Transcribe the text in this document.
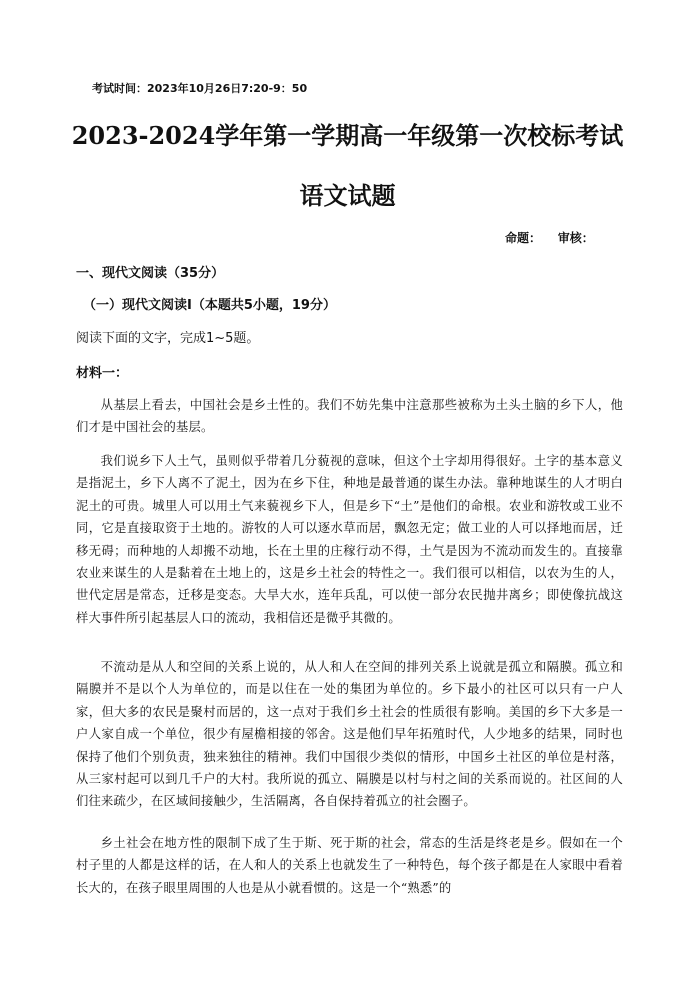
考试时间：2023年10月26日7:20-9：50
2023-2024学年第一学期高一年级第一次校标考试
语文试题
命题：    审核：
一、现代文阅读（35分）
（一）现代文阅读I（本题共5小题，19分）
阅读下面的文字，完成1~5题。
材料一：

从基层上看去，中国社会是乡土性的。我们不妨先集中注意那些被称为土头土脑的乡下人，他们才是中国社会的基层。

我们说乡下人土气，虽则似乎带着几分藐视的意味，但这个土字却用得很好。土字的基本意义是指泥土，乡下人离不了泥土，因为在乡下住，种地是最普通的谋生办法。靠种地谋生的人才明白泥土的可贵。城里人可以用土气来藐视乡下人，但是乡下“土”是他们的命根。农业和游牧或工业不同，它是直接取资于土地的。游牧的人可以逐水草而居，飘忽无定；做工业的人可以择地而居，迁移无碍；而种地的人却搬不动地，长在土里的庄稼行动不得，土气是因为不流动而发生的。直接靠农业来谋生的人是黏着在土地上的，这是乡土社会的特性之一。我们很可以相信，以农为生的人，世代定居是常态，迁移是变态。大旱大水，连年兵乱，可以使一部分农民抛井离乡；即使像抗战这样大事件所引起基层人口的流动，我相信还是微乎其微的。

不流动是从人和空间的关系上说的，从人和人在空间的排列关系上说就是孤立和隔膜。孤立和隔膜并不是以个人为单位的，而是以住在一处的集团为单位的。乡下最小的社区可以只有一户人家，但大多的农民是聚村而居的，这一点对于我们乡土社会的性质很有影响。美国的乡下大多是一户人家自成一个单位，很少有屋檐相接的邻舍。这是他们早年拓殖时代，人少地多的结果，同时也保持了他们个别负责，独来独往的精神。我们中国很少类似的情形，中国乡土社区的单位是村落，从三家村起可以到几千户的大村。我所说的孤立、隔膜是以村与村之间的关系而说的。社区间的人们往来疏少，在区域间接触少，生活隔离，各自保持着孤立的社会圈子。

乡土社会在地方性的限制下成了生于斯、死于斯的社会，常态的生活是终老是乡。假如在一个村子里的人都是这样的话，在人和人的关系上也就发生了一种特色，每个孩子都是在人家眼中看着长大的，在孩子眼里周围的人也是从小就看惯的。这是一个“熟悉”的
